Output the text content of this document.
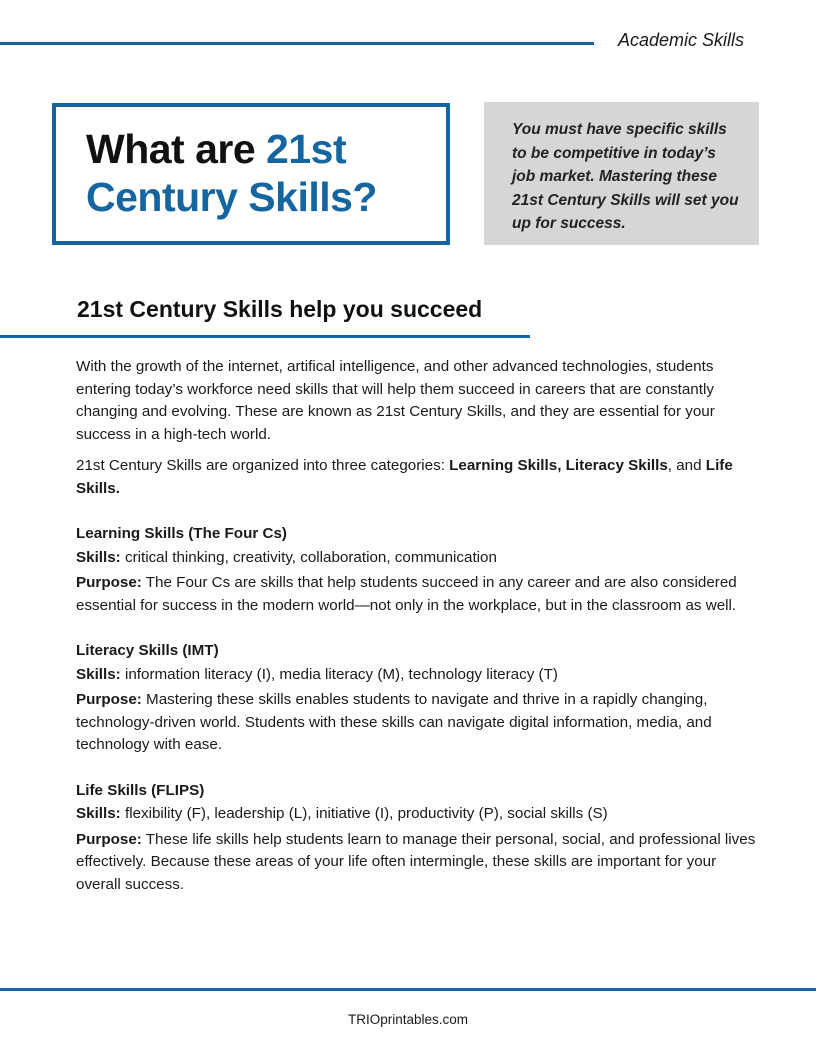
Academic Skills
What are 21st
Century Skills?

You must have specific skills to be competitive in today’s job market. Mastering these 21st Century Skills will set you up for success.

21st Century Skills help you succeed

With the growth of the internet, artifical intelligence, and other advanced technologies, students entering today’s workforce need skills that will help them succeed in careers that are constantly changing and evolving. These are known as 21st Century Skills, and they are essential for your success in a high-tech world.

21st Century Skills are organized into three categories: Learning Skills, Literacy Skills, and Life Skills.

Learning Skills (The Four Cs)

Skills: critical thinking, creativity, collaboration, communication

Purpose: The Four Cs are skills that help students succeed in any career and are also considered essential for success in the modern world—not only in the workplace, but in the classroom as well.

Literacy Skills (IMT)

Skills: information literacy (I), media literacy (M), technology literacy (T)

Purpose: Mastering these skills enables students to navigate and thrive in a rapidly changing, technology-driven world. Students with these skills can navigate digital information, media, and technology with ease.

Life Skills (FLIPS)

Skills: flexibility (F), leadership (L), initiative (I), productivity (P), social skills (S)

Purpose: These life skills help students learn to manage their personal, social, and professional lives effectively. Because these areas of your life often intermingle, these skills are important for your overall success.

TRIOprintables.com
